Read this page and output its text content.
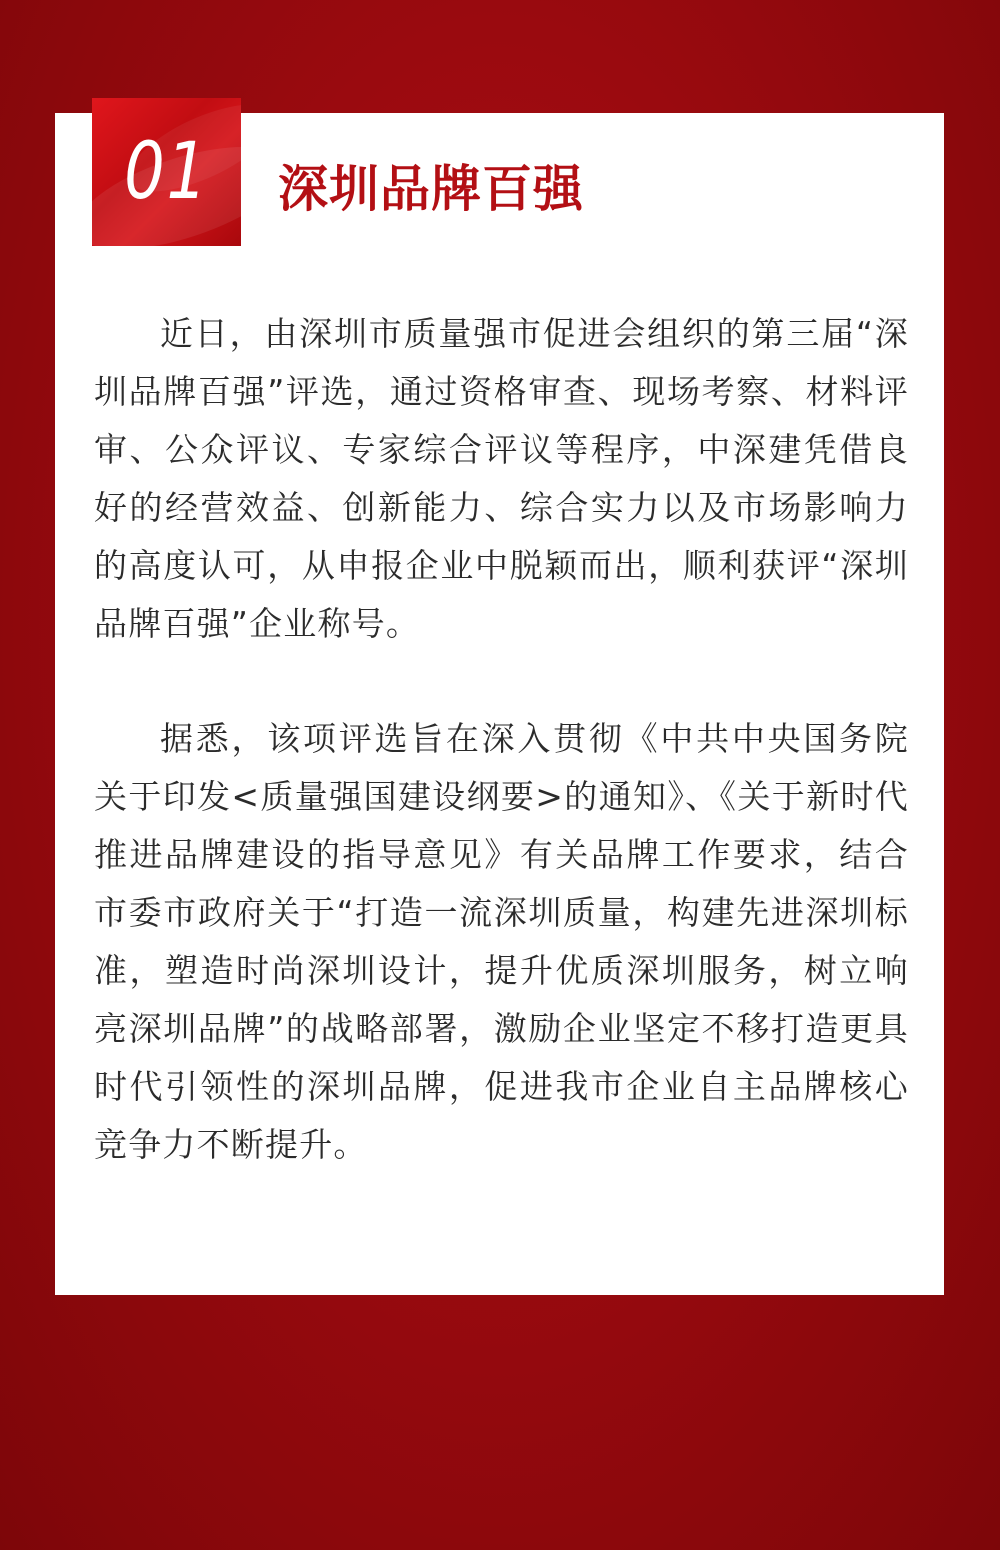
01	深圳品牌百强

近日，由深圳市质量强市促进会组织的第三届“深圳品牌百强”评选，通过资格审查、现场考察、材料评审、公众评议、专家综合评议等程序，中深建凭借良好的经营效益、创新能力、综合实力以及市场影响力的高度认可，从申报企业中脱颖而出，顺利获评“深圳品牌百强”企业称号。

据悉，该项评选旨在深入贯彻《中共中央国务院关于印发<质量强国建设纲要>的通知》、《关于新时代推进品牌建设的指导意见》有关品牌工作要求，结合市委市政府关于“打造一流深圳质量，构建先进深圳标准，塑造时尚深圳设计，提升优质深圳服务，树立响亮深圳品牌”的战略部署，激励企业坚定不移打造更具时代引领性的深圳品牌，促进我市企业自主品牌核心竞争力不断提升。
